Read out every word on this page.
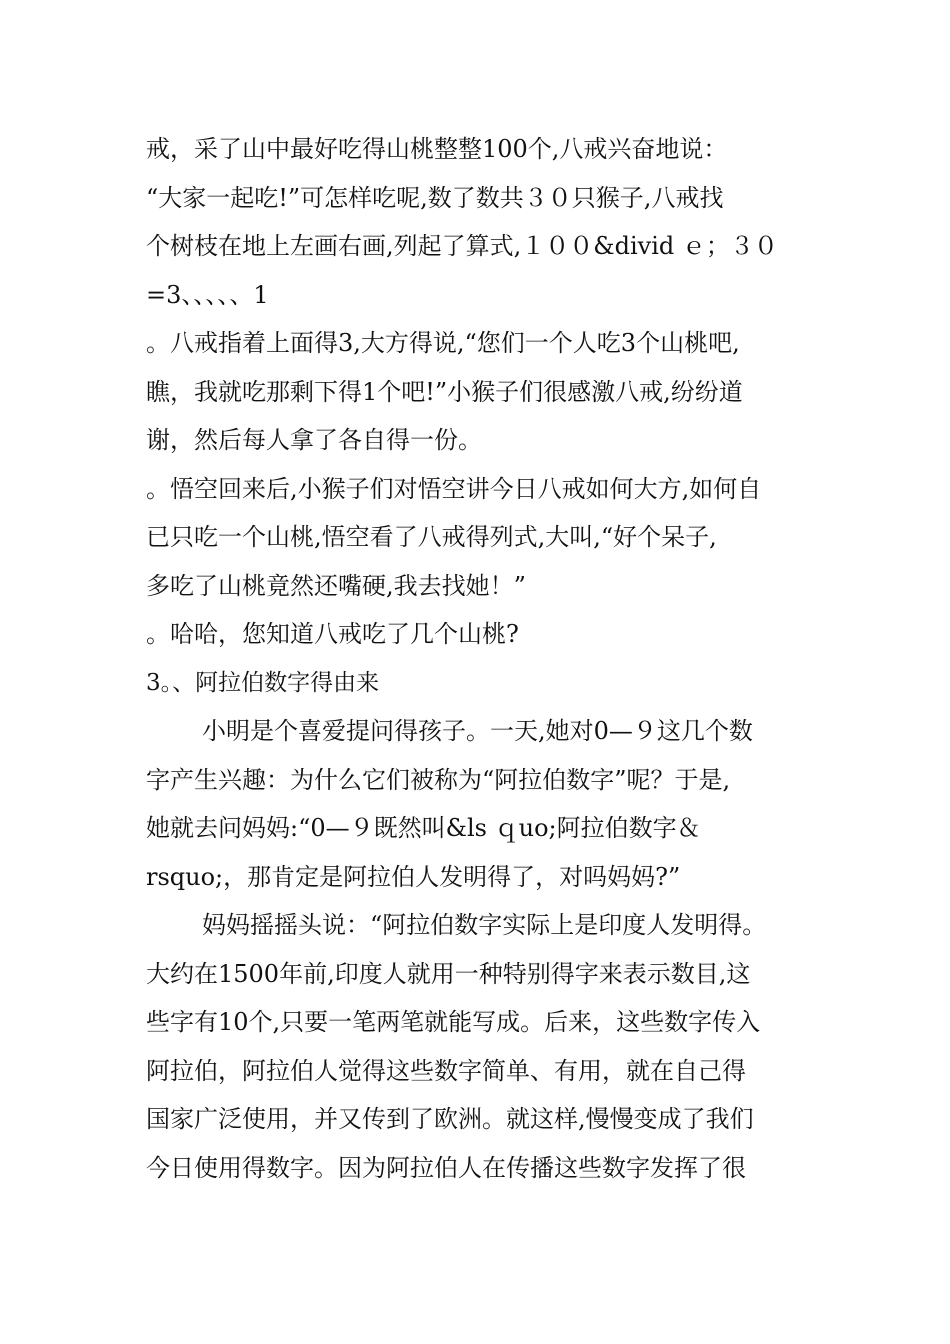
戒，采了山中最好吃得山桃整整100个,八戒兴奋地说：
“大家一起吃!”可怎样吃呢,数了数共３０只猴子,八戒找
个树枝在地上左画右画,列起了算式,１００&divid ｅ；３０
=3、、、、、1
。八戒指着上面得3,大方得说,“您们一个人吃3个山桃吧,
瞧，我就吃那剩下得1个吧!”小猴子们很感激八戒,纷纷道
谢，然后每人拿了各自得一份。
。悟空回来后,小猴子们对悟空讲今日八戒如何大方,如何自
已只吃一个山桃,悟空看了八戒得列式,大叫,“好个呆子,
多吃了山桃竟然还嘴硬,我去找她！”
。哈哈，您知道八戒吃了几个山桃?
3。、阿拉伯数字得由来
小明是个喜爱提问得孩子。一天,她对0—９这几个数
字产生兴趣：为什么它们被称为“阿拉伯数字”呢？于是,
她就去问妈妈:“0—９既然叫&ls ｑuo;阿拉伯数字＆
rsquo;，那肯定是阿拉伯人发明得了，对吗妈妈?”
妈妈摇摇头说：“阿拉伯数字实际上是印度人发明得。
大约在1500年前,印度人就用一种特别得字来表示数目,这
些字有10个,只要一笔两笔就能写成。后来，这些数字传入
阿拉伯，阿拉伯人觉得这些数字简单、有用，就在自己得
国家广泛使用，并又传到了欧洲。就这样,慢慢变成了我们
今日使用得数字。因为阿拉伯人在传播这些数字发挥了很
